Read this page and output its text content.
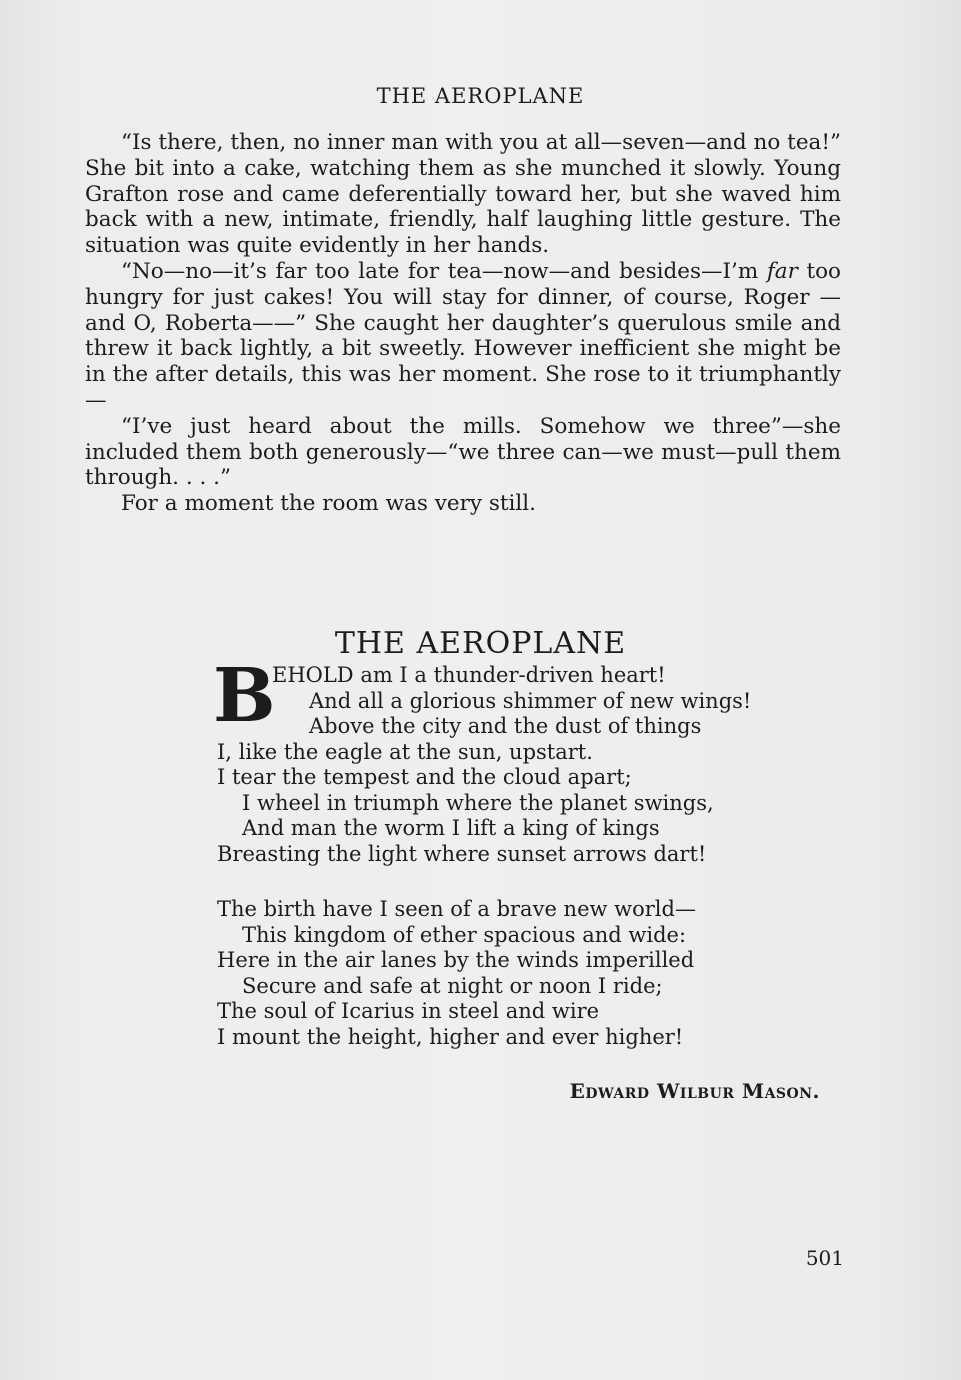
THE AEROPLANE

“Is there, then, no inner man with you at all—seven—and no tea!” She bit into a cake, watching them as she munched it slowly. Young Grafton rose and came deferentially toward her, but she waved him back with a new, intimate, friendly, half laughing little gesture. The situation was quite evidently in her hands.

“No—no—it’s far too late for tea—now—and besides—I’m far too hungry for just cakes! You will stay for dinner, of course, Roger —and O, Roberta——” She caught her daughter’s querulous smile and threw it back lightly, a bit sweetly. However inefficient she might be in the after details, this was her moment. She rose to it triumphantly—

“I’ve just heard about the mills. Somehow we three”—she included them both generously—“we three can—we must—pull them through. . . .”

For a moment the room was very still.

THE AEROPLANE
B
EHOLD am I a thunder-driven heart!
And all a glorious shimmer of new wings!
Above the city and the dust of things
I, like the eagle at the sun, upstart.
I tear the tempest and the cloud apart;
I wheel in triumph where the planet swings,
And man the worm I lift a king of kings
Breasting the light where sunset arrows dart!
The birth have I seen of a brave new world—
This kingdom of ether spacious and wide:
Here in the air lanes by the winds imperilled
Secure and safe at night or noon I ride;
The soul of Icarius in steel and wire
I mount the height, higher and ever higher!
Edward Wilbur Mason.
501
